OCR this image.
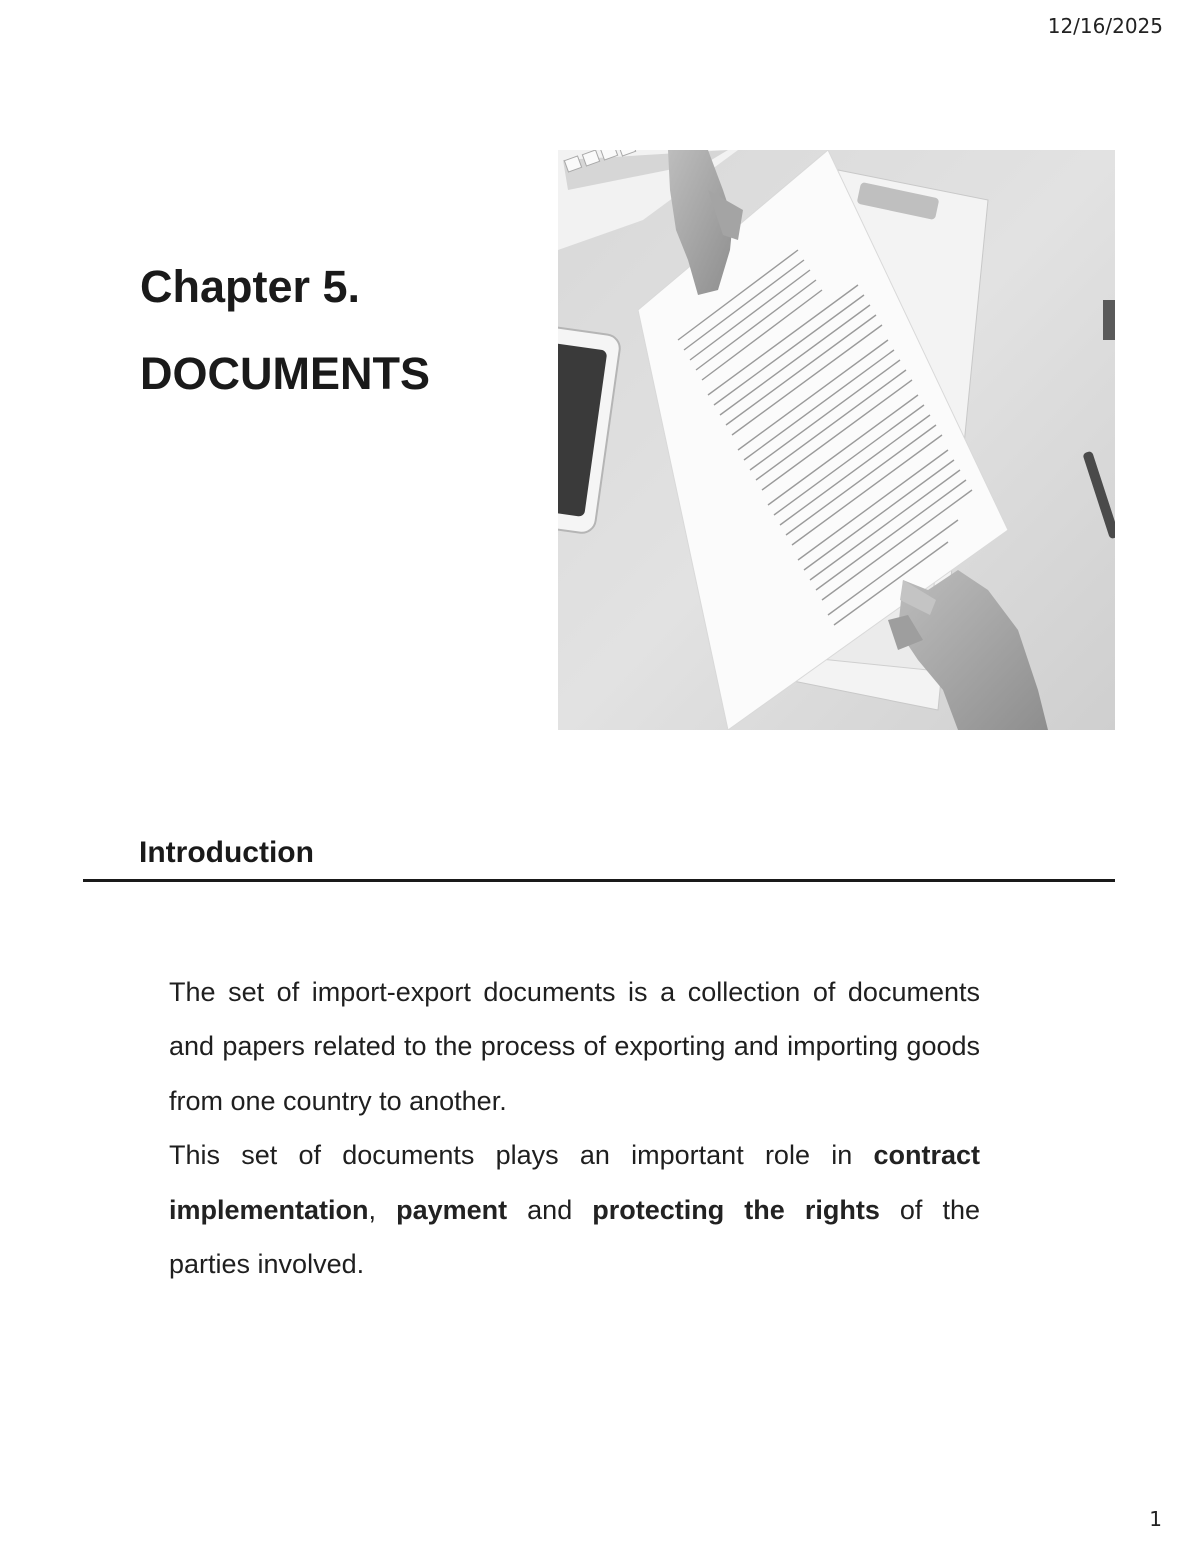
12/16/2025
Chapter 5.
DOCUMENTS
Introduction

The set of import-export documents is a collection of documents and papers related to the process of exporting and importing goods from one country to another.

This set of documents plays an important role in contract implementation, payment and protecting the rights of the parties involved.

1
